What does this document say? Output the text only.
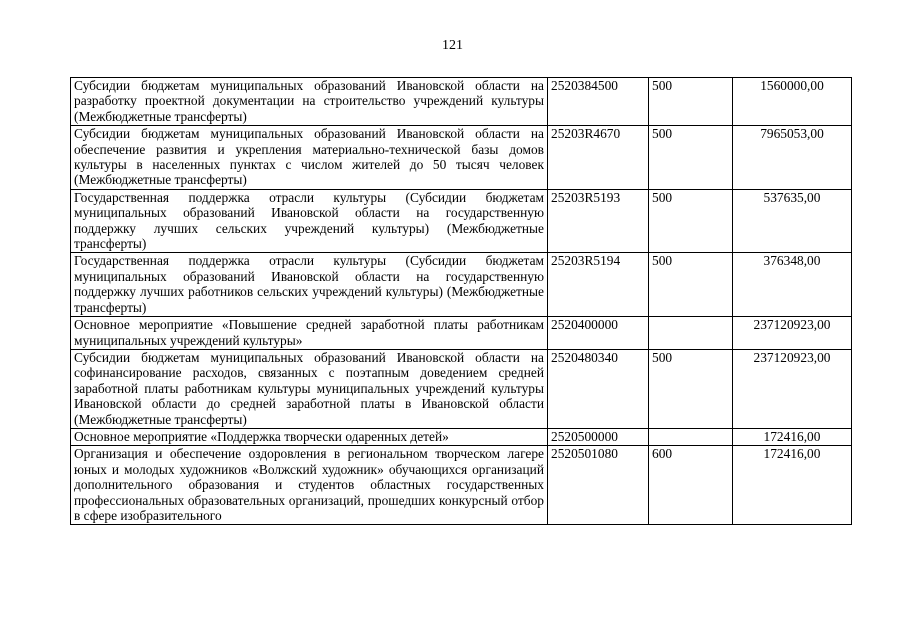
121
Субсидии бюджетам муниципальных образований Ивановской области на разработку проектной документации на строительство учреждений культуры (Межбюджетные трансферты)	2520384500	500	1560000,00
Субсидии бюджетам муниципальных образований Ивановской области на обеспечение развития и укрепления материально-технической базы домов культуры в населенных пунктах с числом жителей до 50 тысяч человек (Межбюджетные трансферты)	25203R4670	500	7965053,00
Государственная поддержка отрасли культуры (Субсидии бюджетам муниципальных образований Ивановской области на государственную поддержку лучших сельских учреждений культуры) (Межбюджетные трансферты)	25203R5193	500	537635,00
Государственная поддержка отрасли культуры (Субсидии бюджетам муниципальных образований Ивановской области на государственную поддержку лучших работников сельских учреждений культуры) (Межбюджетные трансферты)	25203R5194	500	376348,00
Основное мероприятие «Повышение средней заработной платы работникам муниципальных учреждений культуры»	2520400000		237120923,00
Субсидии бюджетам муниципальных образований Ивановской области на софинансирование расходов, связанных с поэтапным доведением средней заработной платы работникам культуры муниципальных учреждений культуры Ивановской области до средней заработной платы в Ивановской области (Межбюджетные трансферты)	2520480340	500	237120923,00
Основное мероприятие «Поддержка творчески одаренных детей»	2520500000		172416,00
Организация и обеспечение оздоровления в региональном творческом лагере юных и молодых художников «Волжский художник» обучающихся организаций дополнительного образования и студентов областных государственных профессиональных образовательных организаций, прошедших конкурсный отбор в сфере изобразительного	2520501080	600	172416,00
